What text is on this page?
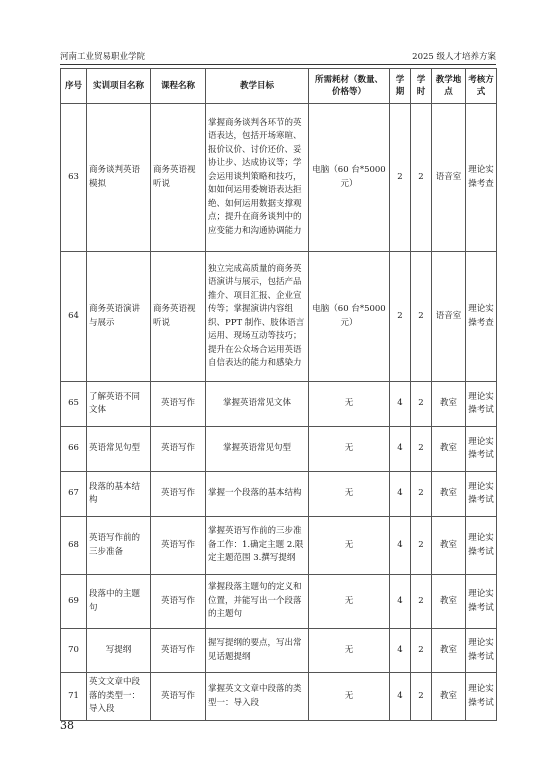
河南工业贸易职业学院	2025 级人才培养方案
序号	实训项目名称	课程名称	教学目标	所需耗材（数量、价格等）	学期	学时	教学地点	考核方式
63	商务谈判英语模拟	商务英语视听说	掌握商务谈判各环节的英语表达，包括开场寒暄、报价议价、讨价还价、妥协让步、达成协议等；学会运用谈判策略和技巧，如如何运用委婉语表达拒绝、如何运用数据支撑观点；提升在商务谈判中的应变能力和沟通协调能力	电脑（60 台*5000 元）	2	2	语音室	理论实操考查
64	商务英语演讲与展示	商务英语视听说	独立完成高质量的商务英语演讲与展示，包括产品推介、项目汇报、企业宣传等；掌握演讲内容组织、PPT 制作、肢体语言运用、现场互动等技巧；提升在公众场合运用英语自信表达的能力和感染力	电脑（60 台*5000 元）	2	2	语音室	理论实操考查
65	了解英语不同文体	英语写作	掌握英语常见文体	无	4	2	教室	理论实操考试
66	英语常见句型	英语写作	掌握英语常见句型	无	4	2	教室	理论实操考试
67	段落的基本结构	英语写作	掌握一个段落的基本结构	无	4	2	教室	理论实操考试
68	英语写作前的三步准备	英语写作	掌握英语写作前的三步准备工作：1.确定主题 2.限定主题范围 3.撰写提纲	无	4	2	教室	理论实操考试
69	段落中的主题句	英语写作	掌握段落主题句的定义和位置，并能写出一个段落的主题句	无	4	2	教室	理论实操考试
70	写提纲	英语写作	握写提纲的要点，写出常见话题提纲	无	4	2	教室	理论实操考试
71	英文文章中段落的类型一：导入段	英语写作	掌握英文文章中段落的类型一：导入段	无	4	2	教室	理论实操考试
38
